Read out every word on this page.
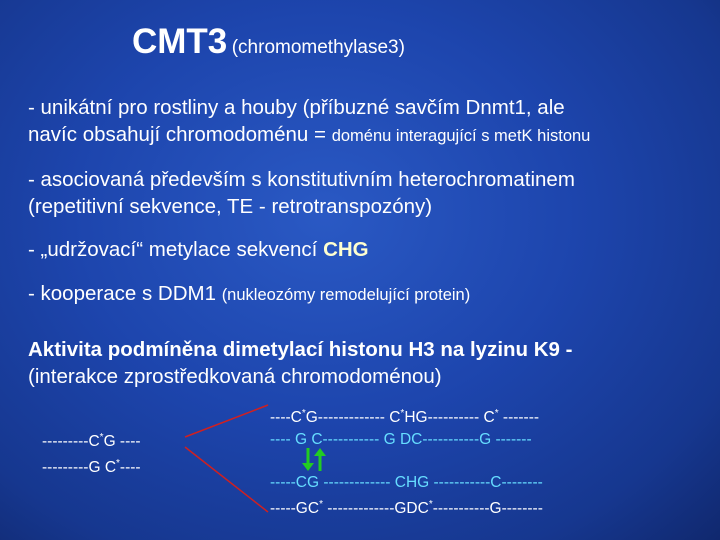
CMT3 (chromomethylase3)
- unikátní pro rostliny a houby (příbuzné savčím Dnmt1, ale
navíc obsahují chromodoménu = doménu interagující s metK histonu
- asociovaná především s konstitutivním heterochromatinem
(repetitivní sekvence, TE - retrotranspozóny)
- „udržovací“ metylace sekvencí CHG
- kooperace s DDM1 (nukleozómy remodelující protein)
Aktivita podmíněna dimetylací histonu H3 na lyzinu K9 -
(interakce zprostředkovaná chromodoménou)
---------C*G ----
---------G C*----
----C*G------------- C*HG---------- C* -------
---- G C----------- G DC-----------G -------
-----CG ------------- CHG -----------C--------
-----GC* -------------GDC*-----------G--------
